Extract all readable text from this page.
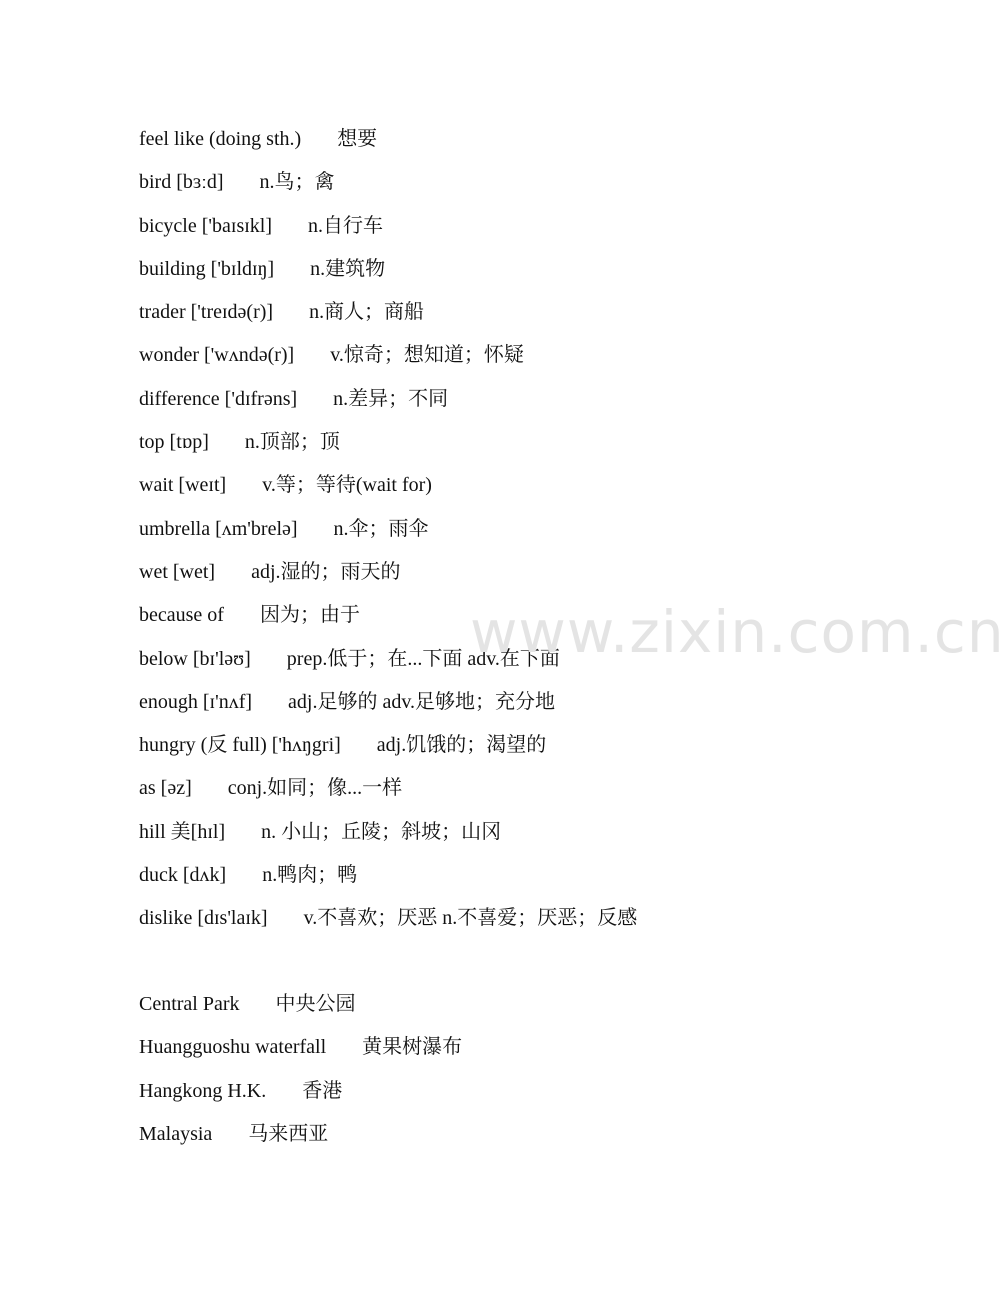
feel like (doing sth.) 想要
bird [bɜːd] n.鸟；禽
bicycle ['baɪsɪkl] n.自行车
building ['bɪldɪŋ] n.建筑物
trader ['treɪdə(r)] n.商人；商船
wonder ['wʌndə(r)] v.惊奇；想知道；怀疑
difference ['dɪfrəns] n.差异；不同
top [tɒp] n.顶部；顶
wait [weɪt] v.等；等待(wait for)
umbrella [ʌm'brelə] n.伞；雨伞
wet [wet] adj.湿的；雨天的
because of 因为；由于
below [bɪ'ləʊ] prep.低于；在...下面 adv.在下面
enough [ɪ'nʌf] adj.足够的 adv.足够地；充分地
hungry (反 full) ['hʌŋgri] adj.饥饿的；渴望的
as [əz] conj.如同；像...一样
hill 美[hɪl] n. 小山；丘陵；斜坡；山冈
duck [dʌk] n.鸭肉；鸭
dislike [dɪs'laɪk] v.不喜欢；厌恶 n.不喜爱；厌恶；反感
Central Park 中央公园
Huangguoshu waterfall 黄果树瀑布
Hangkong H.K. 香港
Malaysia 马来西亚
www.zixin.com.cn
